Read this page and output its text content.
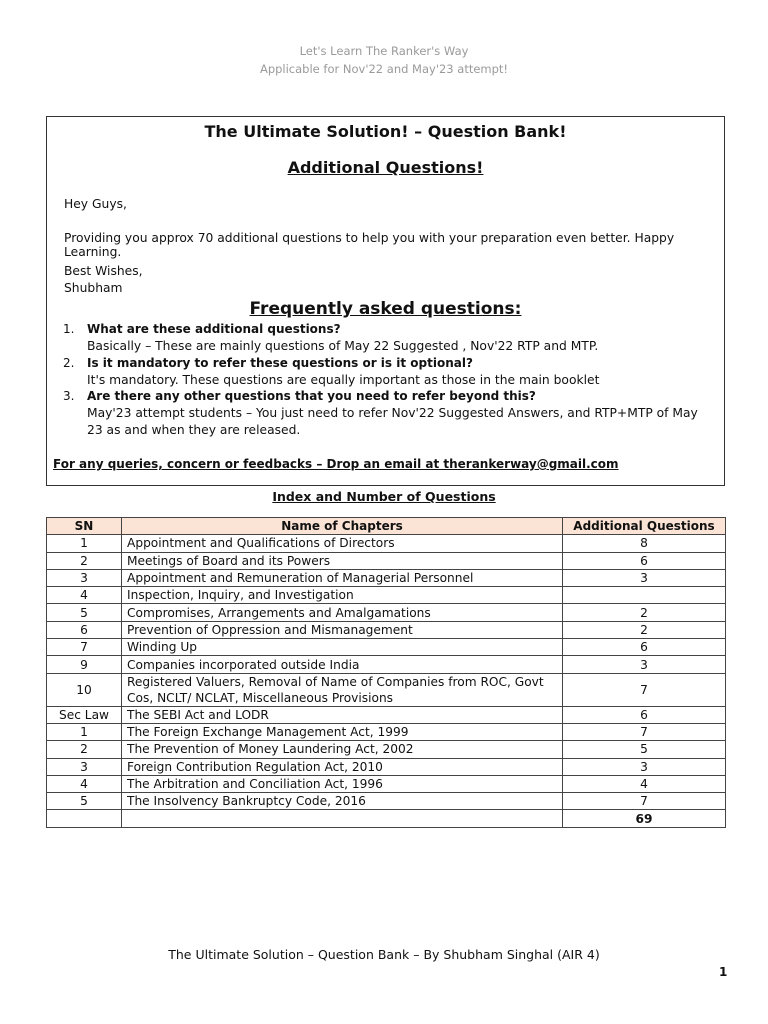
Let's Learn The Ranker's Way
Applicable for Nov'22 and May'23 attempt!
The Ultimate Solution! – Question Bank!
Additional Questions!
Hey Guys,
Providing you approx 70 additional questions to help you with your preparation even better. Happy Learning.
Best Wishes,
Shubham
Frequently asked questions:
1. What are these additional questions?
Basically – These are mainly questions of May 22 Suggested , Nov'22 RTP and MTP.
2. Is it mandatory to refer these questions or is it optional?
It's mandatory. These questions are equally important as those in the main booklet
3. Are there any other questions that you need to refer beyond this?
May'23 attempt students – You just need to refer Nov'22 Suggested Answers, and RTP+MTP of May 23 as and when they are released.
For any queries, concern or feedbacks – Drop an email at therankerway@gmail.com
Index and Number of Questions
SN	Name of Chapters	Additional Questions
1	Appointment and Qualifications of Directors	8
2	Meetings of Board and its Powers	6
3	Appointment and Remuneration of Managerial Personnel	3
4	Inspection, Inquiry, and Investigation	
5	Compromises, Arrangements and Amalgamations	2
6	Prevention of Oppression and Mismanagement	2
7	Winding Up	6
9	Companies incorporated outside India	3
10	Registered Valuers, Removal of Name of Companies from ROC, Govt Cos, NCLT/ NCLAT, Miscellaneous Provisions	7
Sec Law	The SEBI Act and LODR	6
1	The Foreign Exchange Management Act, 1999	7
2	The Prevention of Money Laundering Act, 2002	5
3	Foreign Contribution Regulation Act, 2010	3
4	The Arbitration and Conciliation Act, 1996	4
5	The Insolvency Bankruptcy Code, 2016	7
		69
The Ultimate Solution – Question Bank – By Shubham Singhal (AIR 4)
1
